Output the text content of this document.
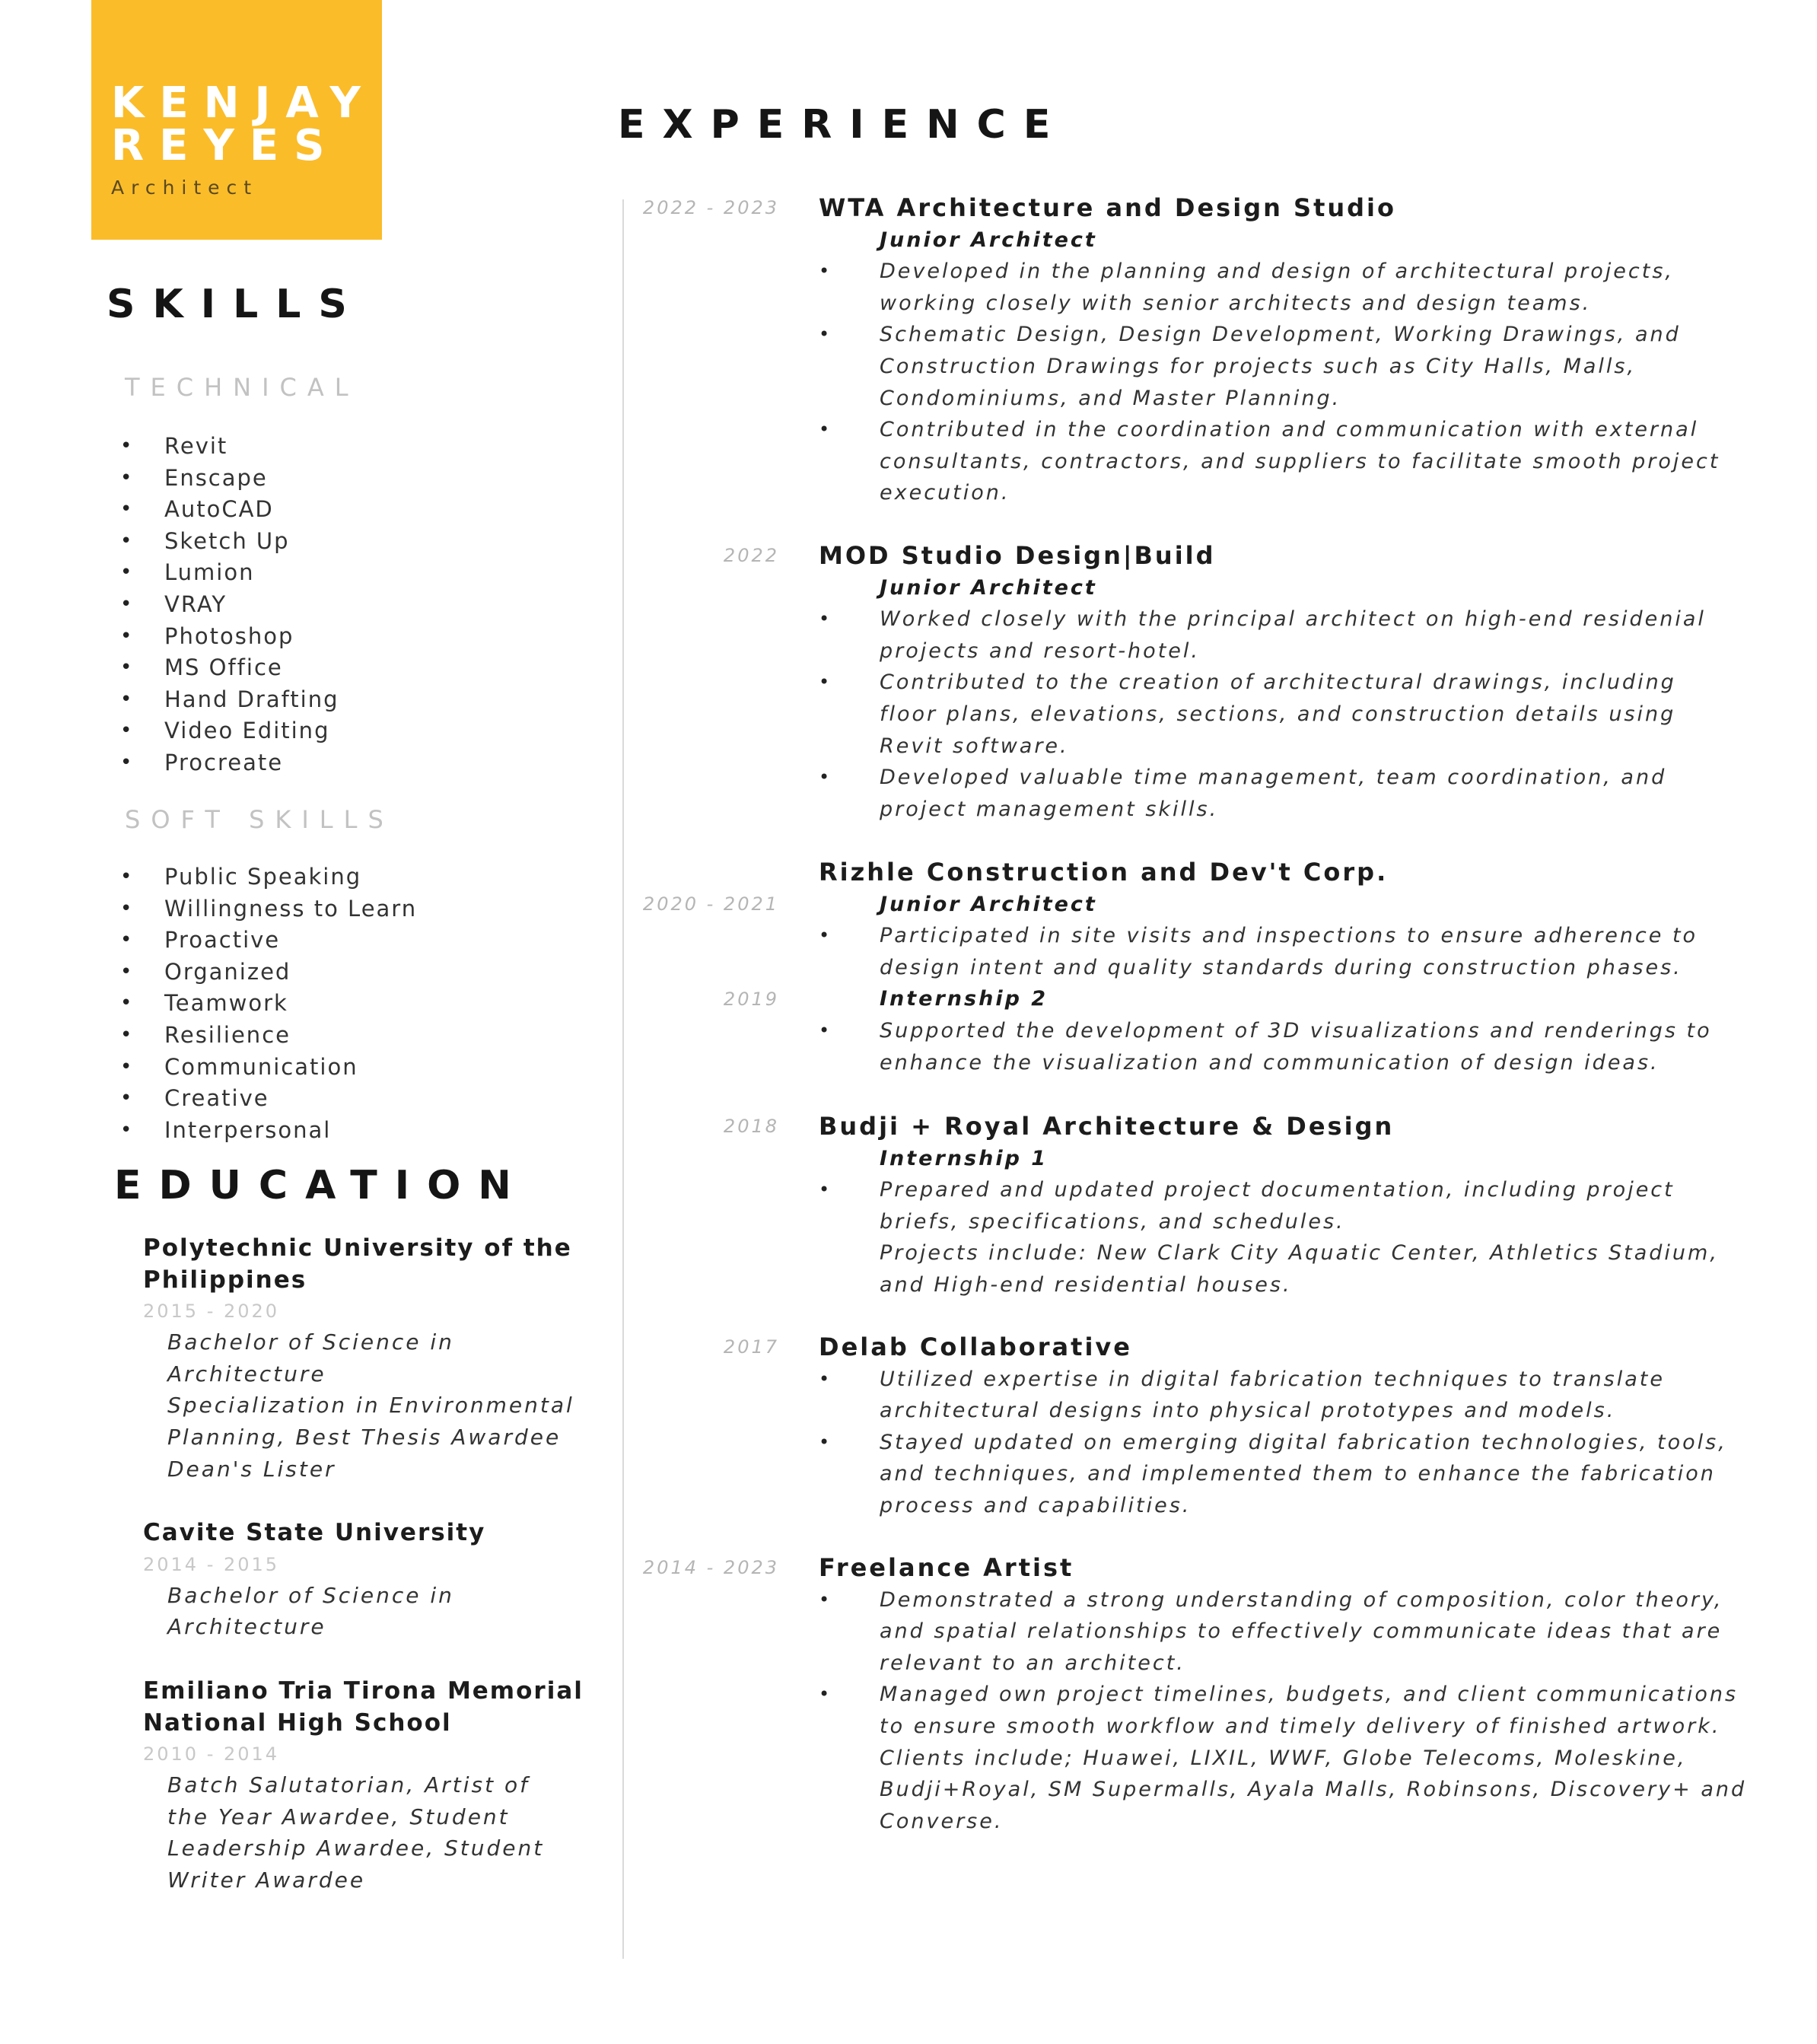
KENJAY
REYES
Architect
SKILLS
TECHNICAL
• Revit
• Enscape
• AutoCAD
• Sketch Up
• Lumion
• VRAY
• Photoshop
• MS Office
• Hand Drafting
• Video Editing
• Procreate
SOFT SKILLS
• Public Speaking
• Willingness to Learn
• Proactive
• Organized
• Teamwork
• Resilience
• Communication
• Creative
• Interpersonal
EDUCATION
Polytechnic University of the
Philippines
2015 - 2020
Bachelor of Science in
Architecture
Specialization in Environmental
Planning, Best Thesis Awardee
Dean's Lister
Cavite State University
2014 - 2015
Bachelor of Science in
Architecture
Emiliano Tria Tirona Memorial
National High School
2010 - 2014
Batch Salutatorian, Artist of
the Year Awardee, Student
Leadership Awardee, Student
Writer Awardee
EXPERIENCE
2022 - 2023 WTA Architecture and Design Studio
Junior Architect
• Developed in the planning and design of architectural projects,
working closely with senior architects and design teams.
• Schematic Design, Design Development, Working Drawings, and
Construction Drawings for projects such as City Halls, Malls,
Condominiums, and Master Planning.
• Contributed in the coordination and communication with external
consultants, contractors, and suppliers to facilitate smooth project
execution.
2022 MOD Studio Design|Build
Junior Architect
• Worked closely with the principal architect on high-end residenial
projects and resort-hotel.
• Contributed to the creation of architectural drawings, including
floor plans, elevations, sections, and construction details using
Revit software.
• Developed valuable time management, team coordination, and
project management skills.
2020 - 2021
2019
Rizhle Construction and Dev't Corp.
Junior Architect
• Participated in site visits and inspections to ensure adherence to
design intent and quality standards during construction phases.
Internship 2
• Supported the development of 3D visualizations and renderings to
enhance the visualization and communication of design ideas.
2018 Budji + Royal Architecture & Design
Internship 1
• Prepared and updated project documentation, including project
briefs, specifications, and schedules.
Projects include: New Clark City Aquatic Center, Athletics Stadium,
and High-end residential houses.
2017 Delab Collaborative
• Utilized expertise in digital fabrication techniques to translate
architectural designs into physical prototypes and models.
• Stayed updated on emerging digital fabrication technologies, tools,
and techniques, and implemented them to enhance the fabrication
process and capabilities.
2014 - 2023 Freelance Artist
• Demonstrated a strong understanding of composition, color theory,
and spatial relationships to effectively communicate ideas that are
relevant to an architect.
• Managed own project timelines, budgets, and client communications
to ensure smooth workflow and timely delivery of finished artwork.
Clients include; Huawei, LIXIL, WWF, Globe Telecoms, Moleskine,
Budji+Royal, SM Supermalls, Ayala Malls, Robinsons, Discovery+ and
Converse.
